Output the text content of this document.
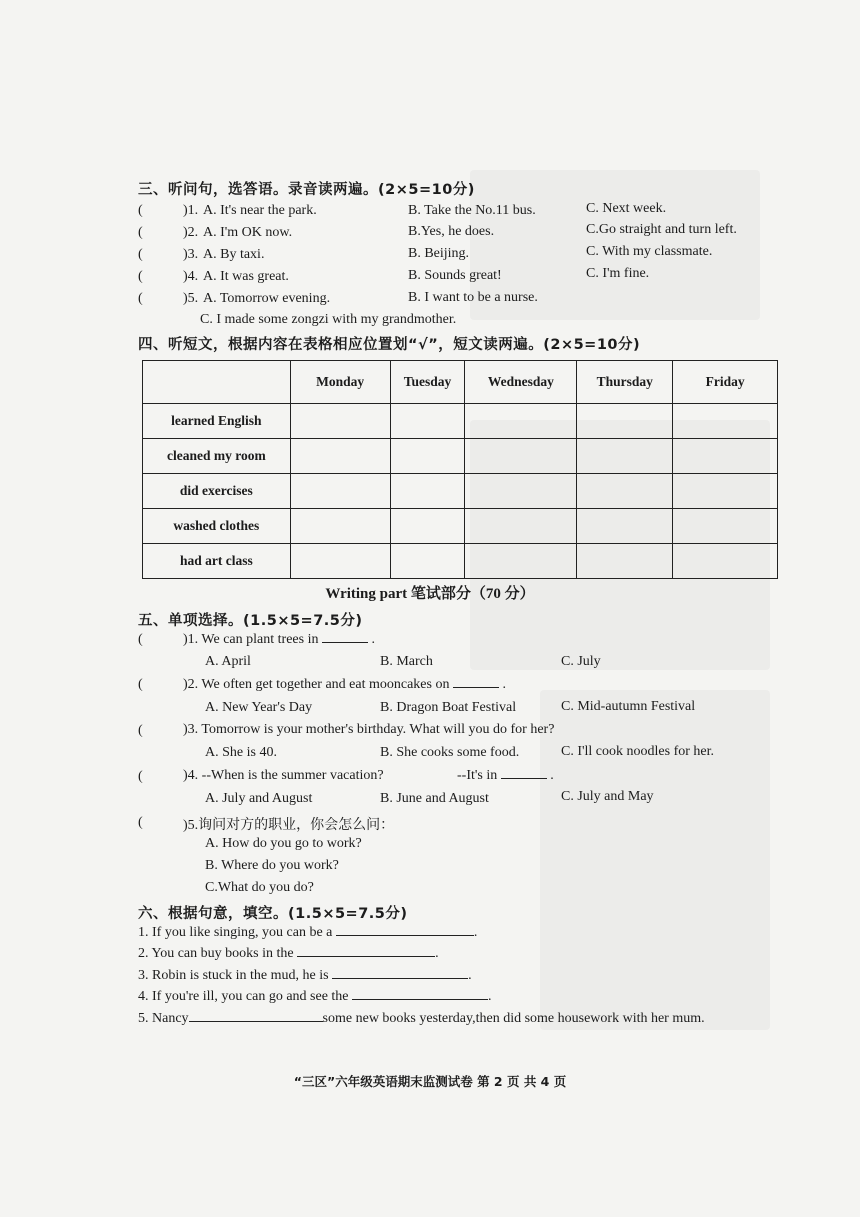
三、听问句，选答语。录音读两遍。(2×5=10分)
(	)1. A. It's near the park.	B. Take the No.11 bus.	C. Next week.
(	)2. A. I'm OK now.	B.Yes, he does.	C.Go straight and turn left.
(	)3. A. By taxi.	B. Beijing.	C. With my classmate.
(	)4. A. It was great.	B. Sounds great!	C. I'm fine.
(	)5. A. Tomorrow evening.	B. I want to be a nurse.
C. I made some zongzi with my grandmother.
四、听短文，根据内容在表格相应位置划“√”，短文读两遍。(2×5=10分)
	Monday	Tuesday	Wednesday	Thursday	Friday
learned English					
cleaned my room					
did exercises					
washed clothes					
had art class					
Writing part 笔试部分（70 分）
五、单项选择。(1.5×5=7.5分)
(	)1. We can plant trees in	.
A. April	B. March	C. July
(	)2. We often get together and eat mooncakes on	.
A. New Year's Day	B. Dragon Boat Festival	C. Mid-autumn Festival
(	)3. Tomorrow is your mother's birthday. What will you do for her?
A. She is 40.	B. She cooks some food.	C. I'll cook noodles for her.
(	)4. --When is the summer vacation?	--It's in	.
A. July and August	B. June and August	C. July and May
(	)5.询问对方的职业，你会怎么问：
A. How do you go to work?
B. Where do you work?
C.What do you do?
六、根据句意，填空。(1.5×5=7.5分)
1. If you like singing, you can be a	.
2. You can buy books in the	.
3. Robin is stuck in the mud, he is	.
4. If you're ill, you can go and see the	.
5. Nancy	some new books yesterday,then did some housework with her mum.
“三区”六年级英语期末监测试卷 第 2 页 共 4 页
